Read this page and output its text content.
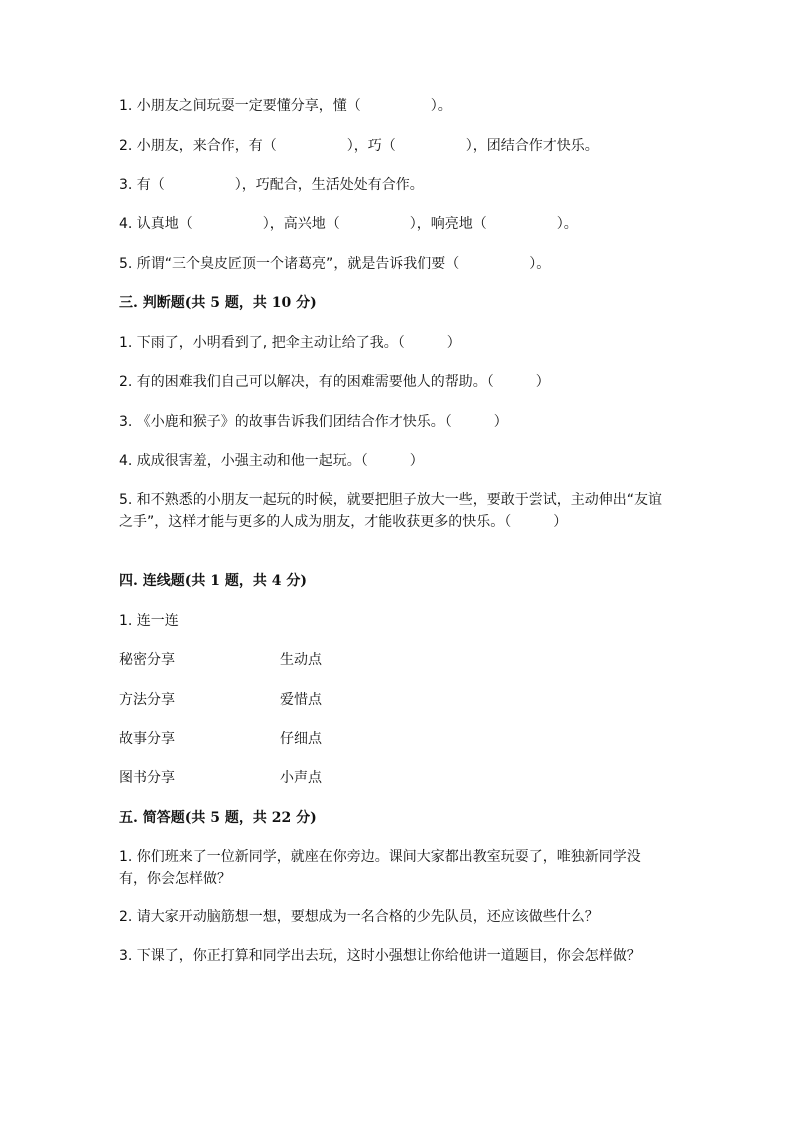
1. 小朋友之间玩耍一定要懂分享，懂（　　　　　）。
2. 小朋友，来合作，有（　　　　　），巧（　　　　　），团结合作才快乐。
3. 有（　　　　　），巧配合，生活处处有合作。
4. 认真地（　　　　　），高兴地（　　　　　），响亮地（　　　　　）。
5. 所谓“三个臭皮匠顶一个诸葛亮”，就是告诉我们要（　　　　　）。
三. 判断题(共 5 题，共 10 分)
1. 下雨了，小明看到了, 把伞主动让给了我。（　　　）
2. 有的困难我们自己可以解决，有的困难需要他人的帮助。（　　　）
3. 《小鹿和猴子》的故事告诉我们团结合作才快乐。（　　　）
4. 成成很害羞，小强主动和他一起玩。（　　　）
5. 和不熟悉的小朋友一起玩的时候，就要把胆子放大一些，要敢于尝试，主动伸出“友谊之手”，这样才能与更多的人成为朋友，才能收获更多的快乐。（　　　）
四. 连线题(共 1 题，共 4 分)
1. 连一连
秘密分享	生动点
方法分享	爱惜点
故事分享	仔细点
图书分享	小声点
五. 简答题(共 5 题，共 22 分)
1. 你们班来了一位新同学，就座在你旁边。课间大家都出教室玩耍了，唯独新同学没有，你会怎样做？
2. 请大家开动脑筋想一想，要想成为一名合格的少先队员，还应该做些什么？
3. 下课了，你正打算和同学出去玩，这时小强想让你给他讲一道题目，你会怎样做？
